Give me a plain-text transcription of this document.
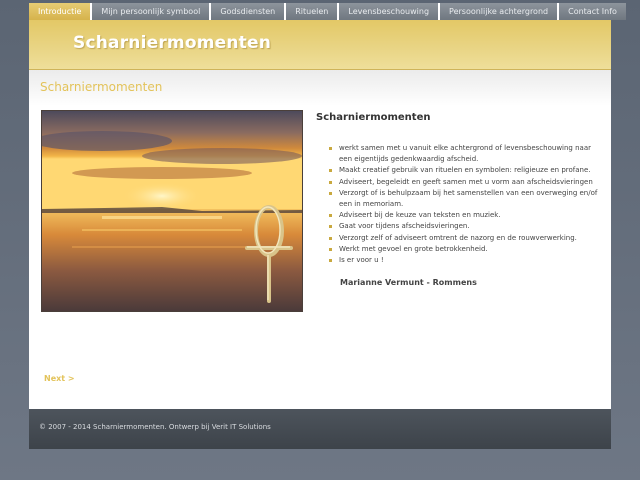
Introductie	Mijn persoonlijk symbool	Godsdiensten	Rituelen	Levensbeschouwing	Persoonlijke achtergrond	Contact Info
Scharniermomenten
Scharniermomenten
Scharniermomenten
werkt samen met u vanuit elke achtergrond of levensbeschouwing naar een eigentijds gedenkwaardig afscheid.
Maakt creatief gebruik van rituelen en symbolen: religieuze en profane.
Adviseert, begeleidt en geeft samen met u vorm aan afscheidsvieringen
Verzorgt of is behulpzaam bij het samenstellen van een overweging en/of een in memoriam.
Adviseert bij de keuze van teksten en muziek.
Gaat voor tijdens afscheidsvieringen.
Verzorgt zelf of adviseert omtrent de nazorg en de rouwverwerking.
Werkt met gevoel en grote betrokkenheid.
Is er voor u !
Marianne Vermunt - Rommens
Next >
© 2007 - 2014 Scharniermomenten. Ontwerp bij Verit IT Solutions
